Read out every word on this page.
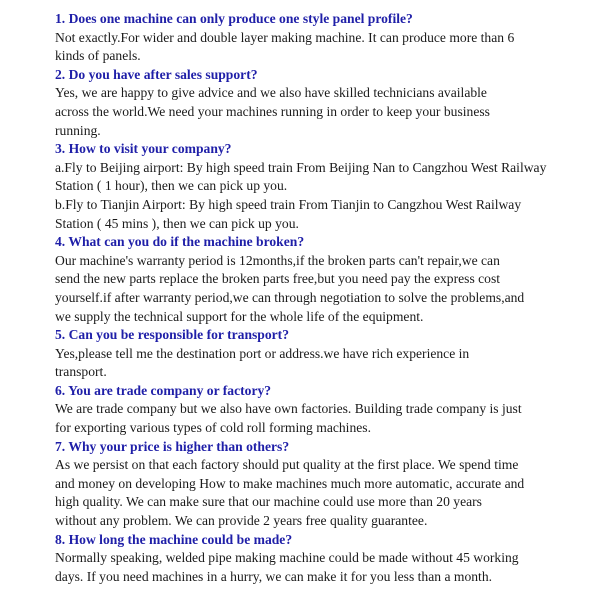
1. Does one machine can only produce one style panel profile?

Not exactly.For wider and double layer making machine. It can produce more than 6
kinds of panels.

2. Do you have after sales support?

Yes, we are happy to give advice and we also have skilled technicians available
across the world.We need your machines running in order to keep your business
running.

3. How to visit your company?

a.Fly to Beijing airport: By high speed train From Beijing Nan to Cangzhou West Railway
Station ( 1 hour), then we can pick up you.
b.Fly to Tianjin Airport: By high speed train From Tianjin to Cangzhou West Railway
Station ( 45 mins ), then we can pick up you.

4. What can you do if the machine broken?

Our machine's warranty period is 12months,if the broken parts can't repair,we can
send the new parts replace the broken parts free,but you need pay the express cost
yourself.if after warranty period,we can through negotiation to solve the problems,and
we supply the technical support for the whole life of the equipment.

5. Can you be responsible for transport?

Yes,please tell me the destination port or address.we have rich experience in
transport.

6. You are trade company or factory?

We are trade company but we also have own factories. Building trade company is just
for exporting various types of cold roll forming machines.

7. Why your price is higher than others?

As we persist on that each factory should put quality at the first place. We spend time
and money on developing How to make machines much more automatic, accurate and
high quality. We can make sure that our machine could use more than 20 years
without any problem. We can provide 2 years free quality guarantee.

8. How long the machine could be made?

Normally speaking, welded pipe making machine could be made without 45 working
days. If you need machines in a hurry, we can make it for you less than a month.
